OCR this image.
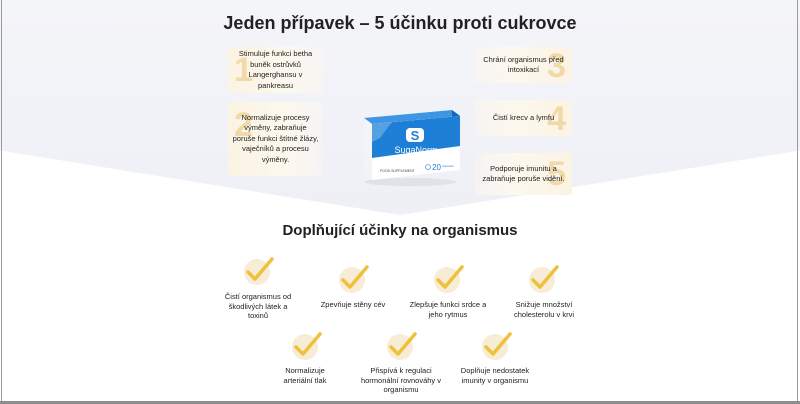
Jeden přípavek – 5 účinku proti cukrovce
1
Stimuluje funkci betha buněk ostrůvků Langerghansu v pankreasu
2
Normalizuje procesy výměny, zabraňuje poruše funkci štítné žlázy, vaječníků a procesu výměny.
3
Chrání organismus před intoxikací
4
Čistí krecv a lymfu
5
Podporuje imunitu a zabraňuje poruše vidění.
S
SugaNorm
FOOD SUPPLEMENT 20 capsules
Doplňující účinky na organismus
Čistí organismus od škodlivých látek a toxinů
Zpevňuje stěny cév	Zlepšuje funkci srdce a jeho rytmus
Snižuje množství cholesterolu v krvi
Normalizuje arteriální tlak
Přispívá k regulaci hormonální rovnováhy v organismu
Doplňuje nedostatek imunity v organismu
